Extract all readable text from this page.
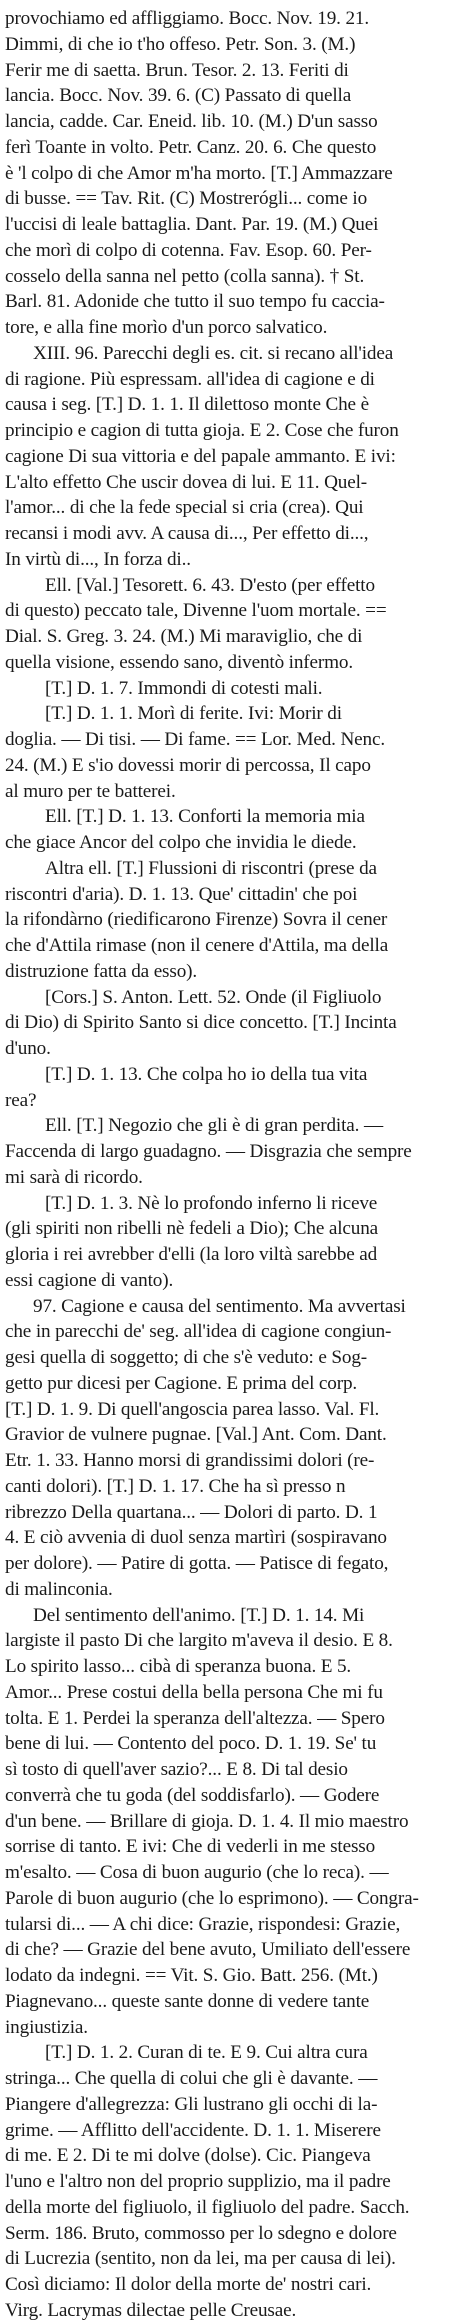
provochiamo ed affliggiamo. Bocc. Nov. 19. 21.
Dimmi, di che io t'ho offeso. Petr. Son. 3. (M.)
Ferir me di saetta. Brun. Tesor. 2. 13. Feriti di
lancia. Bocc. Nov. 39. 6. (C) Passato di quella
lancia, cadde. Car. Eneid. lib. 10. (M.) D'un sasso
ferì Toante in volto. Petr. Canz. 20. 6. Che questo
è 'l colpo di che Amor m'ha morto. [T.] Ammazzare
di busse. == Tav. Rit. (C) Mostrerógli... come io
l'uccisi di leale battaglia. Dant. Par. 19. (M.) Quei
che morì di colpo di cotenna. Fav. Esop. 60. Per-
cosselo della sanna nel petto (colla sanna). † St.
Barl. 81. Adonide che tutto il suo tempo fu caccia-
tore, e alla fine morìo d'un porco salvatico.
XIII. 96. Parecchi degli es. cit. si recano all'idea
di ragione. Più espressam. all'idea di cagione e di
causa i seg. [T.] D. 1. 1. Il dilettoso monte Che è
principio e cagion di tutta gioja. E 2. Cose che furon
cagione Di sua vittoria e del papale ammanto. E ivi:
L'alto effetto Che uscir dovea di lui. E 11. Quel-
l'amor... di che la fede special si cria (crea). Qui
recansi i modi avv. A causa di..., Per effetto di...,
In virtù di..., In forza di..
Ell. [Val.] Tesorett. 6. 43. D'esto (per effetto
di questo) peccato tale, Divenne l'uom mortale. ==
Dial. S. Greg. 3. 24. (M.) Mi maraviglio, che di
quella visione, essendo sano, diventò infermo.
[T.] D. 1. 7. Immondi di cotesti mali.
[T.] D. 1. 1. Morì di ferite. Ivi: Morir di
doglia. — Di tisi. — Di fame. == Lor. Med. Nenc.
24. (M.) E s'io dovessi morir di percossa, Il capo
al muro per te batterei.
Ell. [T.] D. 1. 13. Conforti la memoria mia
che giace Ancor del colpo che invidia le diede.
Altra ell. [T.] Flussioni di riscontri (prese da
riscontri d'aria). D. 1. 13. Que' cittadin' che poi
la rifondàrno (riedificarono Firenze) Sovra il cener
che d'Attila rimase (non il cenere d'Attila, ma della
distruzione fatta da esso).
[Cors.] S. Anton. Lett. 52. Onde (il Figliuolo
di Dio) di Spirito Santo si dice concetto. [T.] Incinta
d'uno.
[T.] D. 1. 13. Che colpa ho io della tua vita
rea?
Ell. [T.] Negozio che gli è di gran perdita. —
Faccenda di largo guadagno. — Disgrazia che sempre
mi sarà di ricordo.
[T.] D. 1. 3. Nè lo profondo inferno li riceve
(gli spiriti non ribelli nè fedeli a Dio); Che alcuna
gloria i rei avrebber d'elli (la loro viltà sarebbe ad
essi cagione di vanto).
97. Cagione e causa del sentimento. Ma avvertasi
che in parecchi de' seg. all'idea di cagione congiun-
gesi quella di soggetto; di che s'è veduto: e Sog-
getto pur dicesi per Cagione. E prima del corp.
[T.] D. 1. 9. Di quell'angoscia parea lasso. Val. Fl.
Gravior de vulnere pugnae. [Val.] Ant. Com. Dant.
Etr. 1. 33. Hanno morsi di grandissimi dolori (re-
canti dolori). [T.] D. 1. 17. Che ha sì presso n
ribrezzo Della quartana... — Dolori di parto. D. 1
4. E ciò avvenia di duol senza martìri (sospiravano
per dolore). — Patire di gotta. — Patisce di fegato,
di malinconia.
Del sentimento dell'animo. [T.] D. 1. 14. Mi
largiste il pasto Di che largito m'aveva il desio. E 8.
Lo spirito lasso... cibà di speranza buona. E 5.
Amor... Prese costui della bella persona Che mi fu
tolta. E 1. Perdei la speranza dell'altezza. — Spero
bene di lui. — Contento del poco. D. 1. 19. Se' tu
sì tosto di quell'aver sazio?... E 8. Di tal desio
converrà che tu goda (del soddisfarlo). — Godere
d'un bene. — Brillare di gioja. D. 1. 4. Il mio maestro
sorrise di tanto. E ivi: Che di vederli in me stesso
m'esalto. — Cosa di buon augurio (che lo reca). —
Parole di buon augurio (che lo esprimono). — Congra-
tularsi di... — A chi dice: Grazie, rispondesi: Grazie,
di che? — Grazie del bene avuto, Umiliato dell'essere
lodato da indegni. == Vit. S. Gio. Batt. 256. (Mt.)
Piagnevano... queste sante donne di vedere tante
ingiustizia.
[T.] D. 1. 2. Curan di te. E 9. Cui altra cura
stringa... Che quella di colui che gli è davante. —
Piangere d'allegrezza: Gli lustrano gli occhi di la-
grime. — Afflitto dell'accidente. D. 1. 1. Miserere
di me. E 2. Di te mi dolve (dolse). Cic. Piangeva
l'uno e l'altro non del proprio supplizio, ma il padre
della morte del figliuolo, il figliuolo del padre. Sacch.
Serm. 186. Bruto, commosso per lo sdegno e dolore
di Lucrezia (sentito, non da lei, ma per causa di lei).
Così diciamo: Il dolor della morte de' nostri cari.
Virg. Lacrymas dilectae pelle Creusae.
